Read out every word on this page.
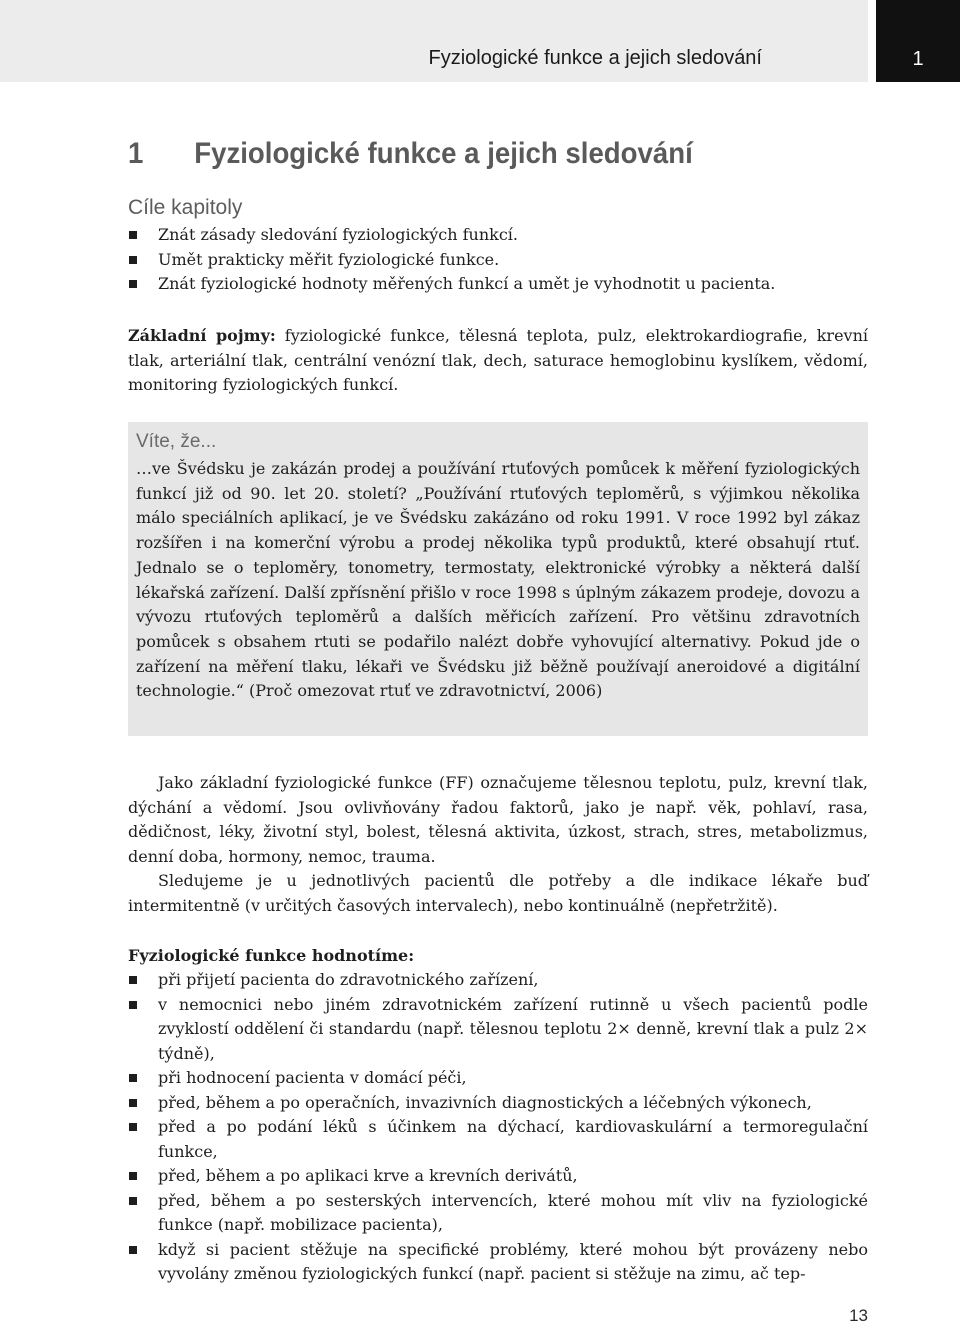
Fyziologické funkce a jejich sledování	1
1 Fyziologické funkce a jejich sledování
Cíle kapitoly
Znát zásady sledování fyziologických funkcí.
Umět prakticky měřit fyziologické funkce.
Znát fyziologické hodnoty měřených funkcí a umět je vyhodnotit u pacienta.
Základní pojmy: fyziologické funkce, tělesná teplota, pulz, elektrokardiografie, krevní tlak, arteriální tlak, centrální venózní tlak, dech, saturace hemoglobinu kyslíkem, vědomí, monitoring fyziologických funkcí.
Víte, že...
…ve Švédsku je zakázán prodej a používání rtuťových pomůcek k měření fyziologických funkcí již od 90. let 20. století? „Používání rtuťových teploměrů, s výjimkou několika málo speciálních aplikací, je ve Švédsku zakázáno od roku 1991. V roce 1992 byl zákaz rozšířen i na komerční výrobu a prodej několika typů produktů, které obsahují rtuť. Jednalo se o teploměry, tonometry, termostaty, elektronické výrobky a některá další lékařská zařízení. Další zpřísnění přišlo v roce 1998 s úplným zákazem prodeje, dovozu a vývozu rtuťových teploměrů a dalších měřicích zařízení. Pro většinu zdravotních pomůcek s obsahem rtuti se podařilo nalézt dobře vyhovující alternativy. Pokud jde o zařízení na měření tlaku, lékaři ve Švédsku již běžně používají aneroidové a digitální technologie.“ (Proč omezovat rtuť ve zdravotnictví, 2006)
Jako základní fyziologické funkce (FF) označujeme tělesnou teplotu, pulz, krevní tlak, dýchání a vědomí. Jsou ovlivňovány řadou faktorů, jako je např. věk, pohlaví, rasa, dědičnost, léky, životní styl, bolest, tělesná aktivita, úzkost, strach, stres, metabolizmus, denní doba, hormony, nemoc, trauma.
Sledujeme je u jednotlivých pacientů dle potřeby a dle indikace lékaře buď intermitentně (v určitých časových intervalech), nebo kontinuálně (nepřetržitě).
Fyziologické funkce hodnotíme:
při přijetí pacienta do zdravotnického zařízení,
v nemocnici nebo jiném zdravotnickém zařízení rutinně u všech pacientů podle zvyklostí oddělení či standardu (např. tělesnou teplotu 2× denně, krevní tlak a pulz 2× týdně),
při hodnocení pacienta v domácí péči,
před, během a po operačních, invazivních diagnostických a léčebných výkonech,
před a po podání léků s účinkem na dýchací, kardiovaskulární a termoregulační funkce,
před, během a po aplikaci krve a krevních derivátů,
před, během a po sesterských intervencích, které mohou mít vliv na fyziologické funkce (např. mobilizace pacienta),
když si pacient stěžuje na specifické problémy, které mohou být provázeny nebo vyvolány změnou fyziologických funkcí (např. pacient si stěžuje na zimu, ač tep-
13
